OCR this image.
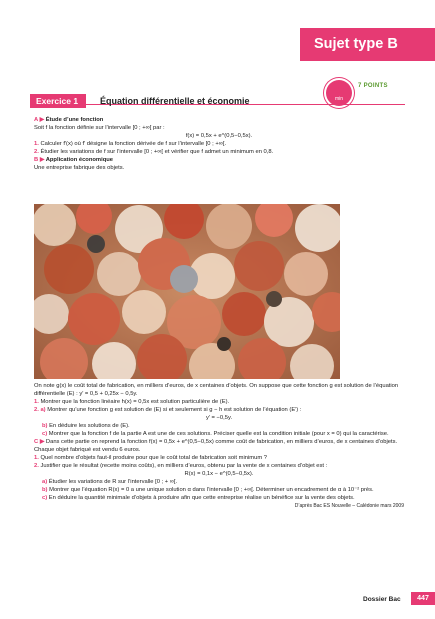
Sujet type B
80
min
7 POINTS
Exercice 1	Équation différentielle et économie

A ▶ Étude d’une fonction

Soit f la fonction définie sur l’intervalle [0 ; +∞[ par :

f(x) = 0,5x + e^(0,5−0,5x).

1. Calculer f′(x) où f′ désigne la fonction dérivée de f sur l’intervalle [0 ; +∞[.

2. Étudier les variations de f sur l’intervalle [0 ; +∞[ et vérifier que f admet un minimum en 0,8.

B ▶ Application économique

Une entreprise fabrique des objets.

On note g(x) le coût total de fabrication, en milliers d’euros, de x centaines d’objets. On suppose que cette fonction g est solution de l’équation différentielle (E) : y′ = 0,5 + 0,25x − 0,5y.

1. Montrer que la fonction linéaire h(x) = 0,5x est solution particulière de (E).

2. a) Montrer qu’une fonction g est solution de (E) si et seulement si g − h est solution de l’équation (E′) :

y′ = −0,5y.

b) En déduire les solutions de (E).

c) Montrer que la fonction f de la partie A est une de ces solutions. Préciser quelle est la condition initiale (pour x = 0) qui la caractérise.

C ▶ Dans cette partie on reprend la fonction f(x) = 0,5x + e^(0,5−0,5x) comme coût de fabrication, en milliers d’euros, de x centaines d’objets. Chaque objet fabriqué est vendu 6 euros.

1. Quel nombre d’objets faut-il produire pour que le coût total de fabrication soit minimum ?

2. Justifier que le résultat (recette moins coûts), en milliers d’euros, obtenu par la vente de x centaines d’objet est :

R(x) = 0,1x − e^(0,5−0,5x).

a) Étudier les variations de R sur l’intervalle [0 ; + ∞[.

b) Montrer que l’équation R(x) = 0 a une unique solution α dans l’intervalle [0 ; +∞[. Déterminer un encadrement de α à 10⁻² près.

c) En déduire la quantité minimale d’objets à produire afin que cette entreprise réalise un bénéfice sur la vente des objets.

D’après Bac ES Nouvelle – Calédonie mars 2009

Dossier Bac	447
